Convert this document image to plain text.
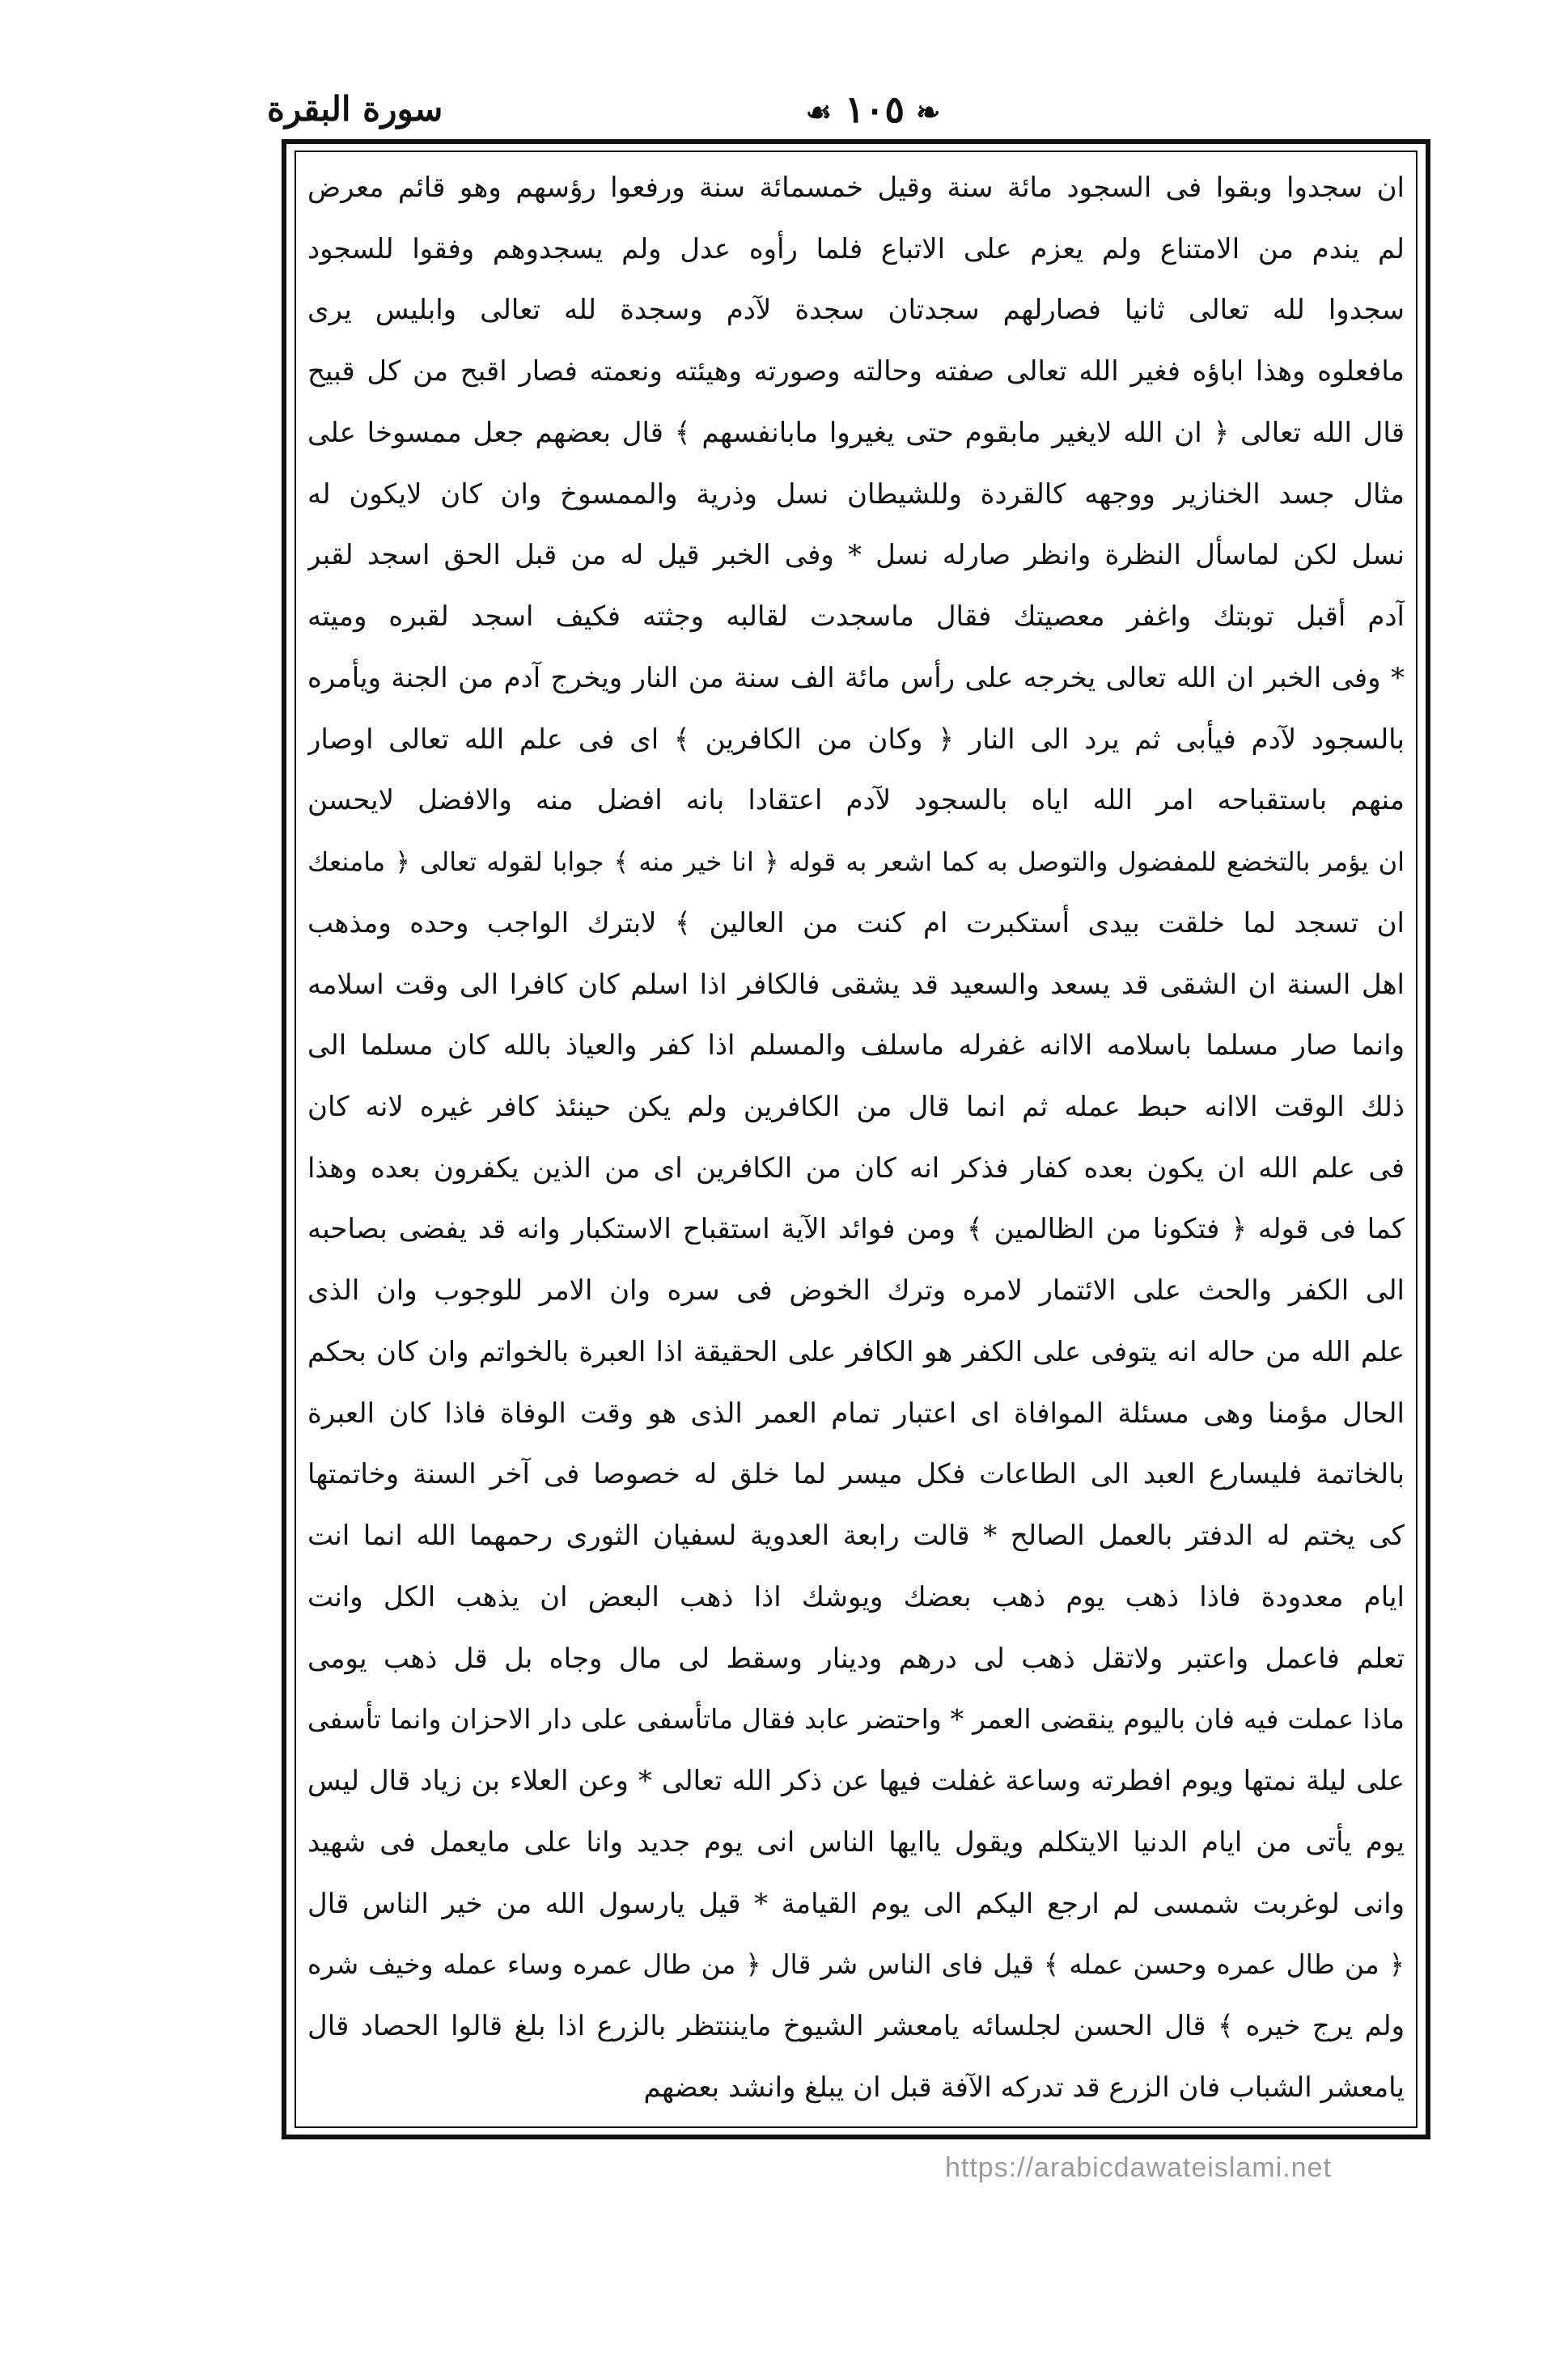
❧١٠٥☙
سورة البقرة
ان سجدوا وبقوا فى السجود مائة سنة وقيل خمسمائة سنة ورفعوا رؤسهم وهو قائم معرض
لم يندم من الامتناع ولم يعزم على الاتباع فلما رأوه عدل ولم يسجدوهم وفقوا للسجود
سجدوا لله تعالى ثانيا فصارلهم سجدتان سجدة لآدم وسجدة لله تعالى وابليس يرى
مافعلوه وهذا اباؤه فغير الله تعالى صفته وحالته وصورته وهيئته ونعمته فصار اقبح من كل قبيح
قال الله تعالى ﴿ ان الله لايغير مابقوم حتى يغيروا مابانفسهم ﴾ قال بعضهم جعل ممسوخا على
مثال جسد الخنازير ووجهه كالقردة وللشيطان نسل وذرية والممسوخ وان كان لايكون له
نسل لكن لماسأل النظرة وانظر صارله نسل * وفى الخبر قيل له من قبل الحق اسجد لقبر
آدم أقبل توبتك واغفر معصيتك فقال ماسجدت لقالبه وجثته فكيف اسجد لقبره وميته
* وفى الخبر ان الله تعالى يخرجه على رأس مائة الف سنة من النار ويخرج آدم من الجنة ويأمره
بالسجود لآدم فيأبى ثم يرد الى النار ﴿ وكان من الكافرين ﴾ اى فى علم الله تعالى اوصار
منهم باستقباحه امر الله اياه بالسجود لآدم اعتقادا بانه افضل منه والافضل لايحسن
ان يؤمر بالتخضع للمفضول والتوصل به كما اشعر به قوله ﴿ انا خير منه ﴾ جوابا لقوله تعالى ﴿ مامنعك
ان تسجد لما خلقت بيدى أستكبرت ام كنت من العالين ﴾ لابترك الواجب وحده ومذهب
اهل السنة ان الشقى قد يسعد والسعيد قد يشقى فالكافر اذا اسلم كان كافرا الى وقت اسلامه
وانما صار مسلما باسلامه الاانه غفرله ماسلف والمسلم اذا كفر والعياذ بالله كان مسلما الى
ذلك الوقت الاانه حبط عمله ثم انما قال من الكافرين ولم يكن حينئذ كافر غيره لانه كان
فى علم الله ان يكون بعده كفار فذكر انه كان من الكافرين اى من الذين يكفرون بعده وهذا
كما فى قوله ﴿ فتكونا من الظالمين ﴾ ومن فوائد الآية استقباح الاستكبار وانه قد يفضى بصاحبه
الى الكفر والحث على الائتمار لامره وترك الخوض فى سره وان الامر للوجوب وان الذى
علم الله من حاله انه يتوفى على الكفر هو الكافر على الحقيقة اذا العبرة بالخواتم وان كان بحكم
الحال مؤمنا وهى مسئلة الموافاة اى اعتبار تمام العمر الذى هو وقت الوفاة فاذا كان العبرة
بالخاتمة فليسارع العبد الى الطاعات فكل ميسر لما خلق له خصوصا فى آخر السنة وخاتمتها
كى يختم له الدفتر بالعمل الصالح * قالت رابعة العدوية لسفيان الثورى رحمهما الله انما انت
ايام معدودة فاذا ذهب يوم ذهب بعضك ويوشك اذا ذهب البعض ان يذهب الكل وانت
تعلم فاعمل واعتبر ولاتقل ذهب لى درهم ودينار وسقط لى مال وجاه بل قل ذهب يومى
ماذا عملت فيه فان باليوم ينقضى العمر * واحتضر عابد فقال ماتأسفى على دار الاحزان وانما تأسفى
على ليلة نمتها ويوم افطرته وساعة غفلت فيها عن ذكر الله تعالى * وعن العلاء بن زياد قال ليس
يوم يأتى من ايام الدنيا الايتكلم ويقول ياايها الناس انى يوم جديد وانا على مايعمل فى شهيد
وانى لوغربت شمسى لم ارجع اليكم الى يوم القيامة * قيل يارسول الله من خير الناس قال
﴿ من طال عمره وحسن عمله ﴾ قيل فاى الناس شر قال ﴿ من طال عمره وساء عمله وخيف شره
ولم يرج خيره ﴾ قال الحسن لجلسائه يامعشر الشيوخ مايننتظر بالزرع اذا بلغ قالوا الحصاد قال
يامعشر الشباب فان الزرع قد تدركه الآفة قبل ان يبلغ وانشد بعضهم
https://arabicdawateislami.net
